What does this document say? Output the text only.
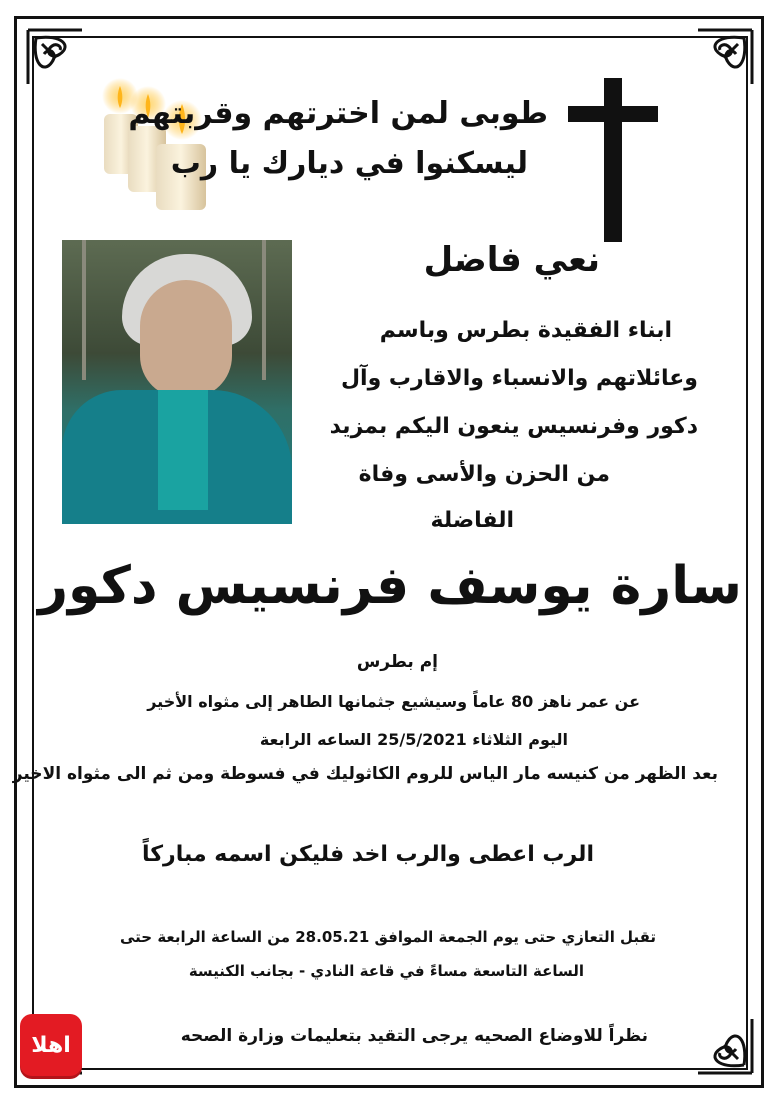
طوبى لمن اخترتهم وقربتهم
ليسكنوا في ديارك يا رب
نعي فاضل
ابناء الفقيدة بطرس وباسم
وعائلاتهم والانسباء والاقارب وآل
دكور وفرنسيس ينعون اليكم بمزيد
من الحزن والأسى وفاة
الفاضلة
سارة يوسف فرنسيس دكور
إم بطرس
عن عمر ناهز 80 عاماً وسيشيع جثمانها الطاهر إلى مثواه الأخير
اليوم الثلاثاء 25/5/2021 الساعه الرابعة
بعد الظهر من كنيسه مار الياس للروم الكاثوليك في فسوطة ومن ثم الى مثواه الاخير
الرب اعطى والرب اخد فليكن اسمه مباركاً
تقبل التعازي حتى يوم الجمعة الموافق 28.05.21 من الساعة الرابعة حتى
الساعة التاسعة مساءً في قاعة النادي - بجانب الكنيسة
نظراً للاوضاع الصحيه يرجى التقيد بتعليمات وزارة الصحه
اهلا
